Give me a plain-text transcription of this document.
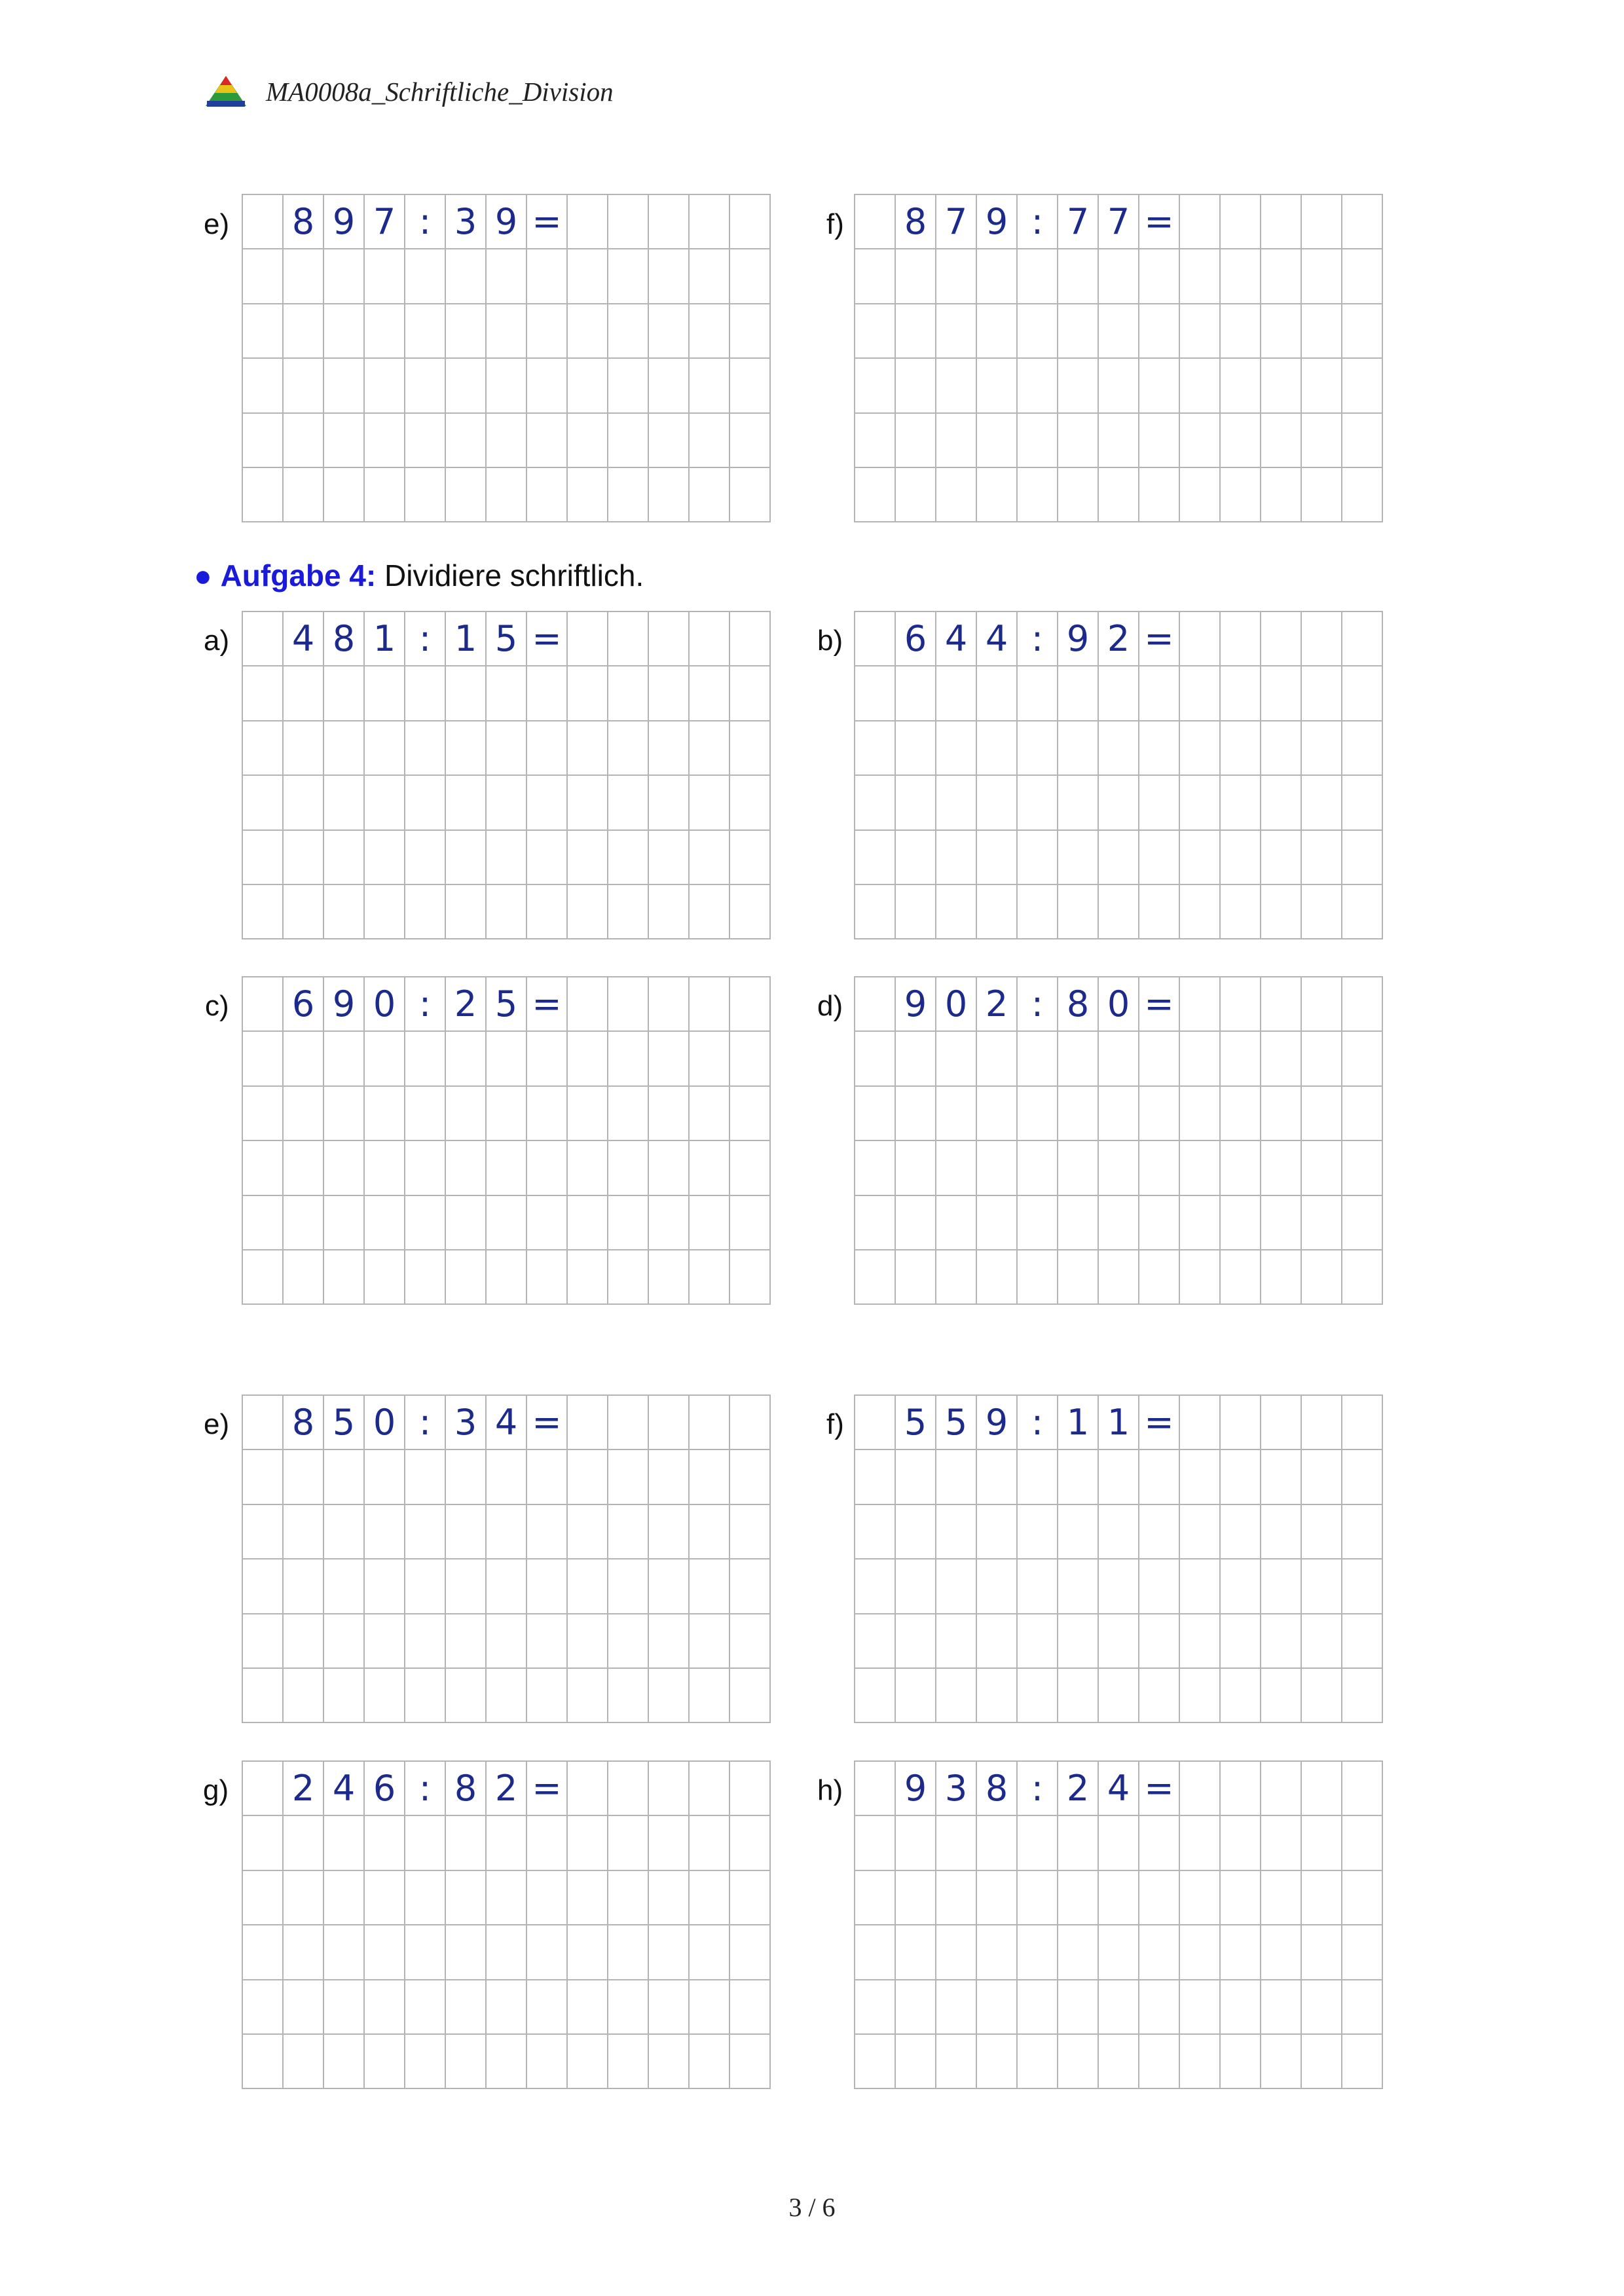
MA0008a_Schriftliche_Division
● Aufgabe 4: Dividiere schriftlich.
e) 8 9 7 : 3 9 =	f) 8 7 9 : 7 7 =
a) 4 8 1 : 1 5 =	b) 6 4 4 : 9 2 =
c) 6 9 0 : 2 5 =	d) 9 0 2 : 8 0 =
e) 8 5 0 : 3 4 =	f) 5 5 9 : 1 1 =
g) 2 4 6 : 8 2 =	h) 9 3 8 : 2 4 =
3 / 6
